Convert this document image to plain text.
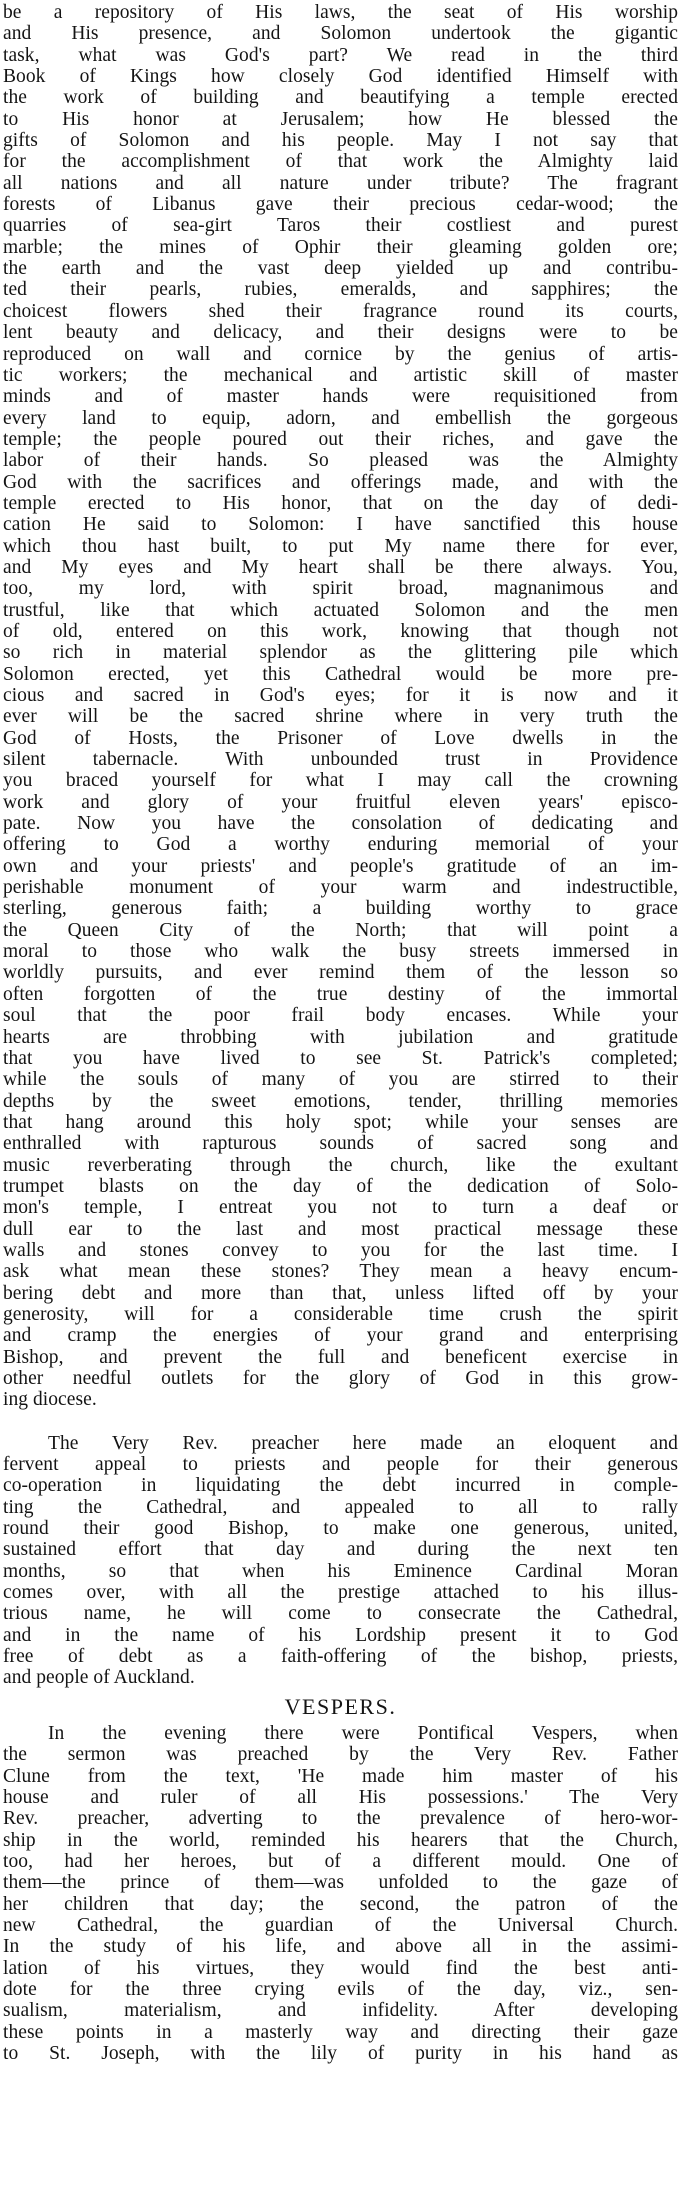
be a repository of His laws, the seat of His worship
and His presence, and Solomon undertook the gigantic
task, what was God's part? We read in the third
Book of Kings how closely God identified Himself with
the work of building and beautifying a temple erected
to His honor at Jerusalem; how He blessed the
gifts of Solomon and his people. May I not say that
for the accomplishment of that work the Almighty laid
all nations and all nature under tribute? The fragrant
forests of Libanus gave their precious cedar-wood; the
quarries of sea-girt Taros their costliest and purest
marble; the mines of Ophir their gleaming golden ore;
the earth and the vast deep yielded up and contribu-
ted their pearls, rubies, emeralds, and sapphires; the
choicest flowers shed their fragrance round its courts,
lent beauty and delicacy, and their designs were to be
reproduced on wall and cornice by the genius of artis-
tic workers; the mechanical and artistic skill of master
minds and of master hands were requisitioned from
every land to equip, adorn, and embellish the gorgeous
temple; the people poured out their riches, and gave the
labor of their hands. So pleased was the Almighty
God with the sacrifices and offerings made, and with the
temple erected to His honor, that on the day of dedi-
cation He said to Solomon: I have sanctified this house
which thou hast built, to put My name there for ever,
and My eyes and My heart shall be there always. You,
too, my lord, with spirit broad, magnanimous and
trustful, like that which actuated Solomon and the men
of old, entered on this work, knowing that though not
so rich in material splendor as the glittering pile which
Solomon erected, yet this Cathedral would be more pre-
cious and sacred in God's eyes; for it is now and it
ever will be the sacred shrine where in very truth the
God of Hosts, the Prisoner of Love dwells in the
silent tabernacle. With unbounded trust in Providence
you braced yourself for what I may call the crowning
work and glory of your fruitful eleven years' episco-
pate. Now you have the consolation of dedicating and
offering to God a worthy enduring memorial of your
own and your priests' and people's gratitude of an im-
perishable monument of your warm and indestructible,
sterling, generous faith; a building worthy to grace
the Queen City of the North; that will point a
moral to those who walk the busy streets immersed in
worldly pursuits, and ever remind them of the lesson so
often forgotten of the true destiny of the immortal
soul that the poor frail body encases. While your
hearts are throbbing with jubilation and gratitude
that you have lived to see St. Patrick's completed;
while the souls of many of you are stirred to their
depths by the sweet emotions, tender, thrilling memories
that hang around this holy spot; while your senses are
enthralled with rapturous sounds of sacred song and
music reverberating through the church, like the exultant
trumpet blasts on the day of the dedication of Solo-
mon's temple, I entreat you not to turn a deaf or
dull ear to the last and most practical message these
walls and stones convey to you for the last time. I
ask what mean these stones? They mean a heavy encum-
bering debt and more than that, unless lifted off by your
generosity, will for a considerable time crush the spirit
and cramp the energies of your grand and enterprising
Bishop, and prevent the full and beneficent exercise in
other needful outlets for the glory of God in this grow-
ing diocese.
The Very Rev. preacher here made an eloquent and
fervent appeal to priests and people for their generous
co-operation in liquidating the debt incurred in comple-
ting the Cathedral, and appealed to all to rally
round their good Bishop, to make one generous, united,
sustained effort that day and during the next ten
months, so that when his Eminence Cardinal Moran
comes over, with all the prestige attached to his illus-
trious name, he will come to consecrate the Cathedral,
and in the name of his Lordship present it to God
free of debt as a faith-offering of the bishop, priests,
and people of Auckland.
VESPERS.
In the evening there were Pontifical Vespers, when
the sermon was preached by the Very Rev. Father
Clune from the text, 'He made him master of his
house and ruler of all His possessions.' The Very
Rev. preacher, adverting to the prevalence of hero-wor-
ship in the world, reminded his hearers that the Church,
too, had her heroes, but of a different mould. One of
them—the prince of them—was unfolded to the gaze of
her children that day; the second, the patron of the
new Cathedral, the guardian of the Universal Church.
In the study of his life, and above all in the assimi-
lation of his virtues, they would find the best anti-
dote for the three crying evils of the day, viz., sen-
sualism, materialism, and infidelity. After developing
these points in a masterly way and directing their gaze
to St. Joseph, with the lily of purity in his hand as
